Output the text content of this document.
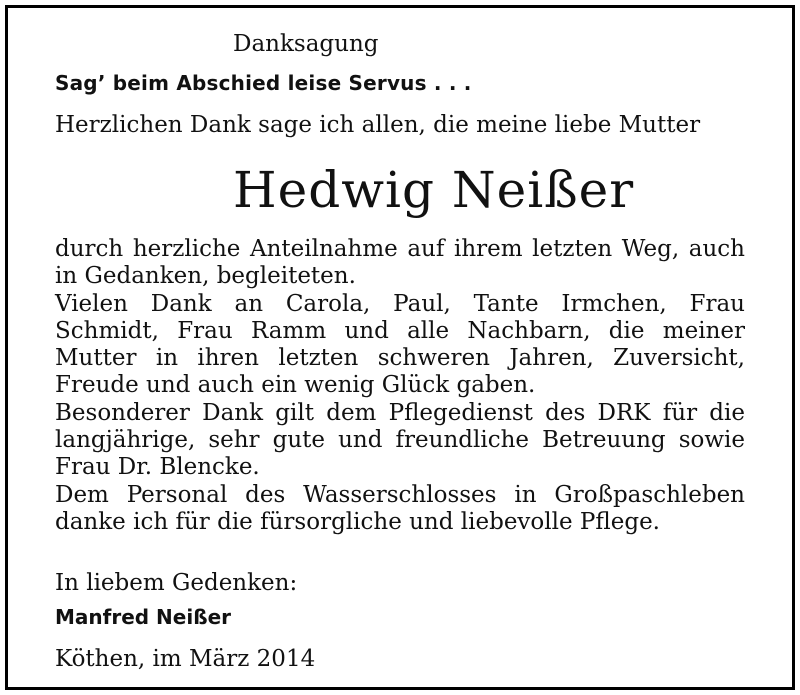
Danksagung
Sag’ beim Abschied leise Servus . . .
Herzlichen Dank sage ich allen, die meine liebe Mutter
Hedwig Neißer

durch herzliche Anteilnahme auf ihrem letzten Weg, auch in Gedanken, begleiteten.

Vielen Dank an Carola, Paul, Tante Irmchen, Frau Schmidt, Frau Ramm und alle Nachbarn, die meiner Mutter in ihren letzten schweren Jahren, Zuversicht, Freude und auch ein wenig Glück gaben.

Besonderer Dank gilt dem Pflegedienst des DRK für die langjährige, sehr gute und freundliche Betreuung sowie Frau Dr. Blencke.

Dem Personal des Wasserschlosses in Großpaschleben danke ich für die fürsorgliche und liebevolle Pflege.

In liebem Gedenken:
Manfred Neißer
Köthen, im März 2014
